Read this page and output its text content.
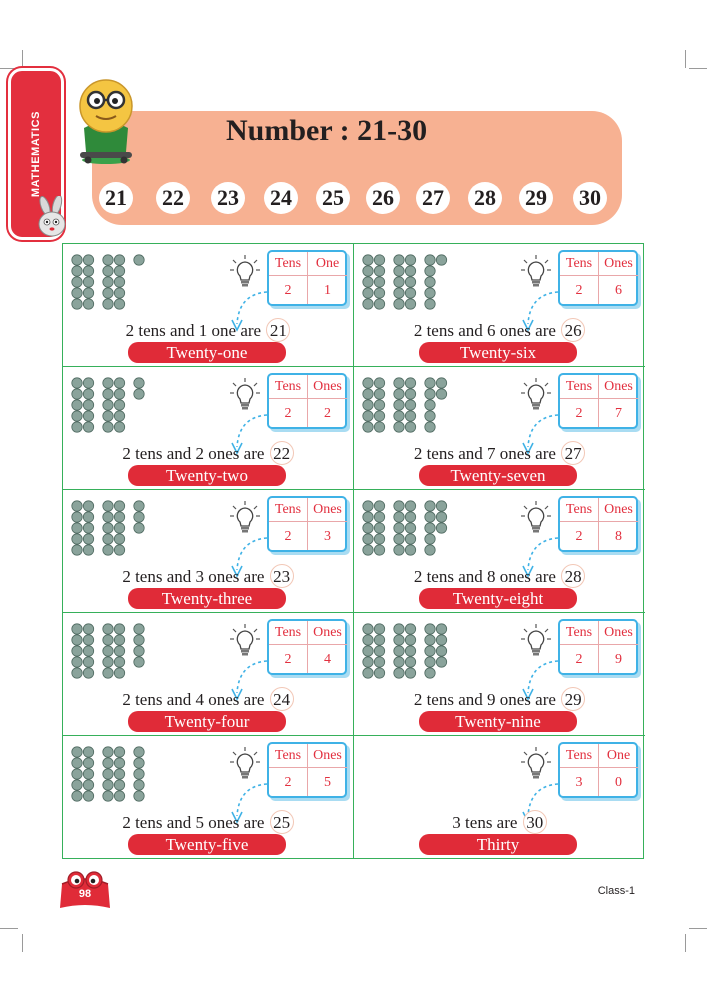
MATHEMATICS	Number : 21-30
21 22 23 24 25 26 27 28 29 30
Tens
2
One
1
2 tens and 1 one are 21
Twenty-one
Tens
2
Ones
6
2 tens and 6 ones are 26
Twenty-six
Tens
2
Ones
2
2 tens and 2 ones are 22
Twenty-two
Tens
2
Ones
7
2 tens and 7 ones are 27
Twenty-seven
Tens
2
Ones
3
2 tens and 3 ones are 23
Twenty-three
Tens
2
Ones
8
2 tens and 8 ones are 28
Twenty-eight
Tens
2
Ones
4
2 tens and 4 ones are 24
Twenty-four
Tens
2
Ones
9
2 tens and 9 ones are 29
Twenty-nine
Tens
2
Ones
5
2 tens and 5 ones are 25
Twenty-five
Tens
3
One
0
3 tens are 30
Thirty
98	Class-1
